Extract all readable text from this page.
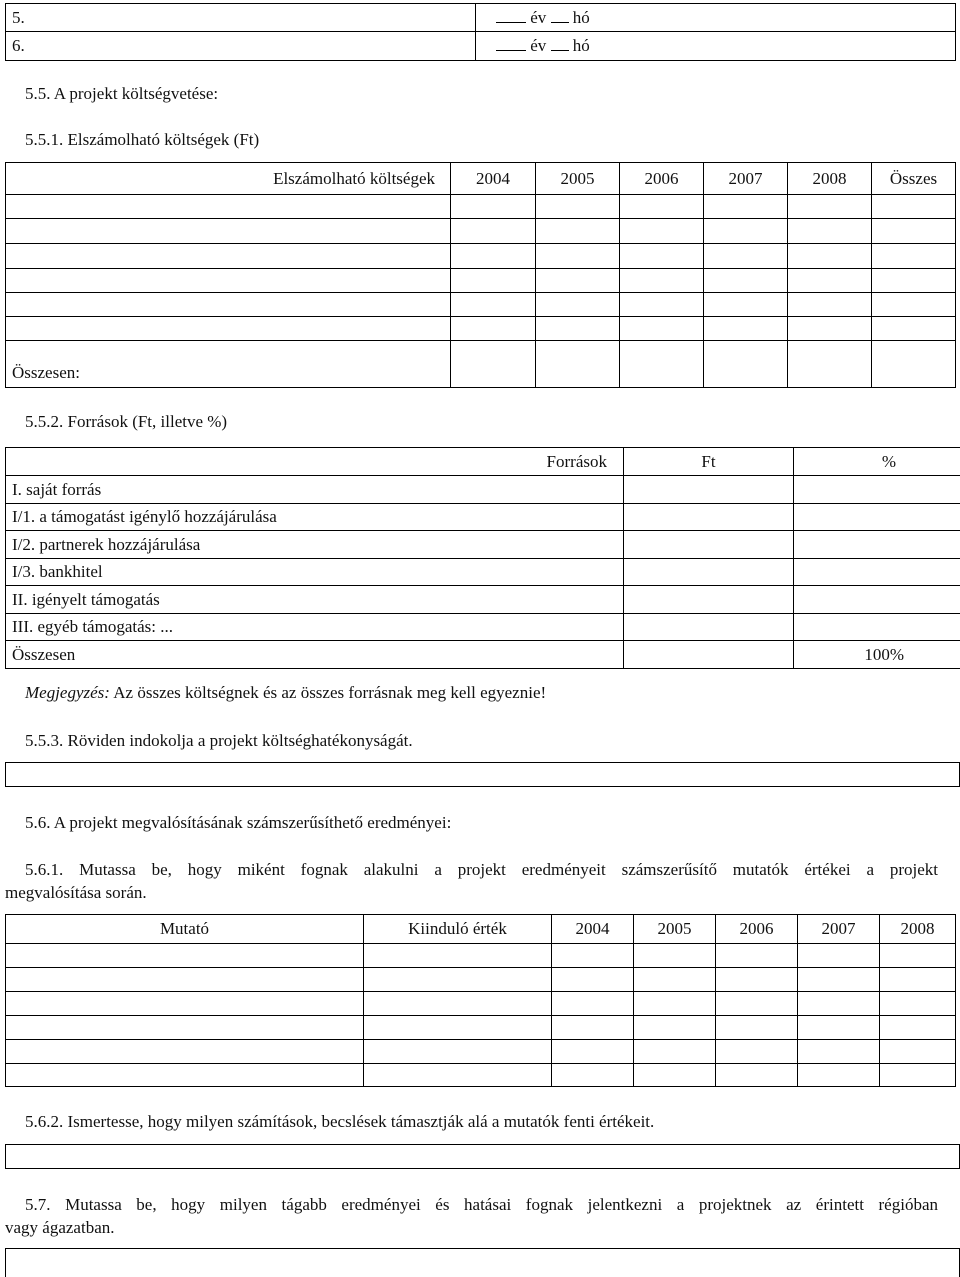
5.	év hó
6.	év hó
5.5. A projekt költségvetése:
5.5.1. Elszámolható költségek (Ft)
Elszámolható költségek	2004	2005	2006	2007	2008	Összes

Összesen:						
5.5.2. Források (Ft, illetve %)
Források	Ft	%
I. saját forrás		
I/1. a támogatást igénylő hozzájárulása		
I/2. partnerek hozzájárulása		
I/3. bankhitel		
II. igényelt támogatás		
III. egyéb támogatás: ...		
Összesen		100%
Megjegyzés: Az összes költségnek és az összes forrásnak meg kell egyeznie!
5.5.3. Röviden indokolja a projekt költséghatékonyságát.
5.6. A projekt megvalósításának számszerűsíthető eredményei:
5.6.1. Mutassa be, hogy miként fognak alakulni a projekt eredményeit számszerűsítő mutatók értékei a projekt
megvalósítása során.
Mutató	Kiinduló érték	2004	2005	2006	2007	2008

5.6.2. Ismertesse, hogy milyen számítások, becslések támasztják alá a mutatók fenti értékeit.
5.7. Mutassa be, hogy milyen tágabb eredményei és hatásai fognak jelentkezni a projektnek az érintett régióban
vagy ágazatban.
